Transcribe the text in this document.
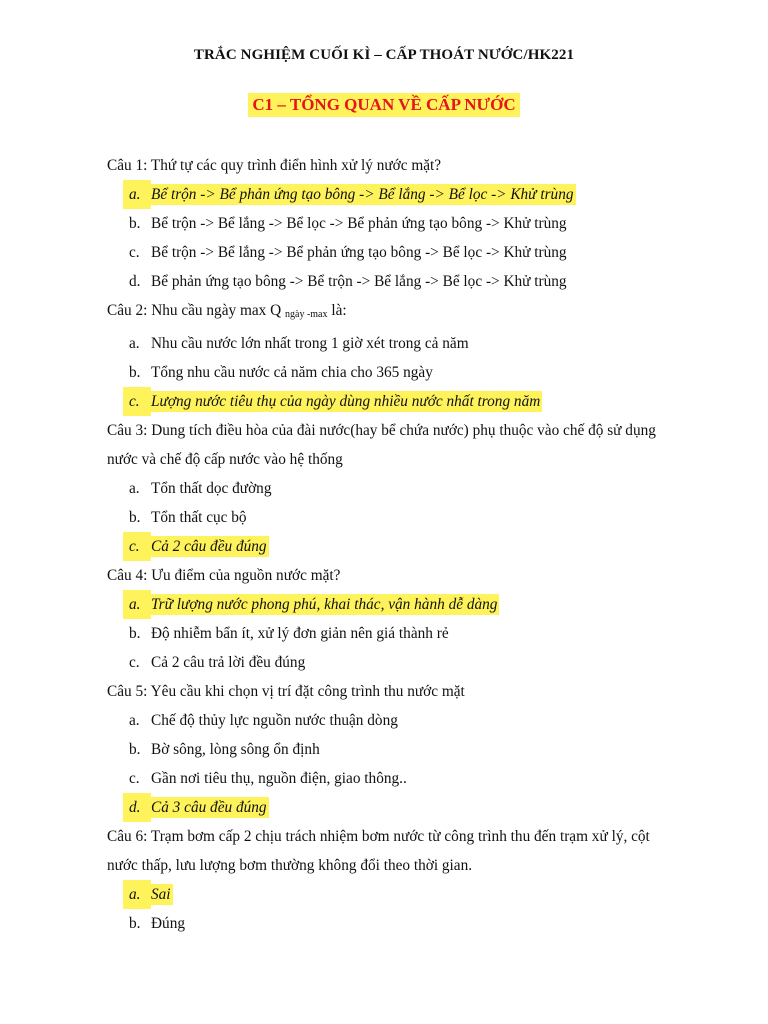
TRẮC NGHIỆM CUỐI KÌ – CẤP THOÁT NƯỚC/HK221
C1 – TỔNG QUAN VỀ CẤP NƯỚC

Câu 1: Thứ tự các quy trình điển hình xử lý nước mặt?

a. Bể trộn -> Bể phản ứng tạo bông -> Bể lắng -> Bể lọc -> Khử trùng
b. Bể trộn -> Bể lắng -> Bể lọc -> Bể phản ứng tạo bông -> Khử trùng
c. Bể trộn -> Bể lắng -> Bể phản ứng tạo bông -> Bể lọc -> Khử trùng
d. Bể phản ứng tạo bông -> Bể trộn -> Bể lắng -> Bể lọc -> Khử trùng

Câu 2: Nhu cầu ngày max Q $_{ngày -max}$ là:

a. Nhu cầu nước lớn nhất trong 1 giờ xét trong cả năm
b. Tổng nhu cầu nước cả năm chia cho 365 ngày
c. Lượng nước tiêu thụ của ngày dùng nhiều nước nhất trong năm

Câu 3: Dung tích điều hòa của đài nước(hay bể chứa nước) phụ thuộc vào chế độ sử dụng

nước và chế độ cấp nước vào hệ thống

a. Tổn thất dọc đường
b. Tổn thất cục bộ
c. Cả 2 câu đều đúng

Câu 4: Ưu điểm của nguồn nước mặt?

a. Trữ lượng nước phong phú, khai thác, vận hành dễ dàng
b. Độ nhiễm bẩn ít, xử lý đơn giản nên giá thành rẻ
c. Cả 2 câu trả lời đều đúng

Câu 5: Yêu cầu khi chọn vị trí đặt công trình thu nước mặt

a. Chế độ thủy lực nguồn nước thuận dòng
b. Bờ sông, lòng sông ổn định
c. Gần nơi tiêu thụ, nguồn điện, giao thông..
d. Cả 3 câu đều đúng

Câu 6: Trạm bơm cấp 2 chịu trách nhiệm bơm nước từ công trình thu đến trạm xử lý, cột

nước thấp, lưu lượng bơm thường không đổi theo thời gian.

a. Sai
b. Đúng
